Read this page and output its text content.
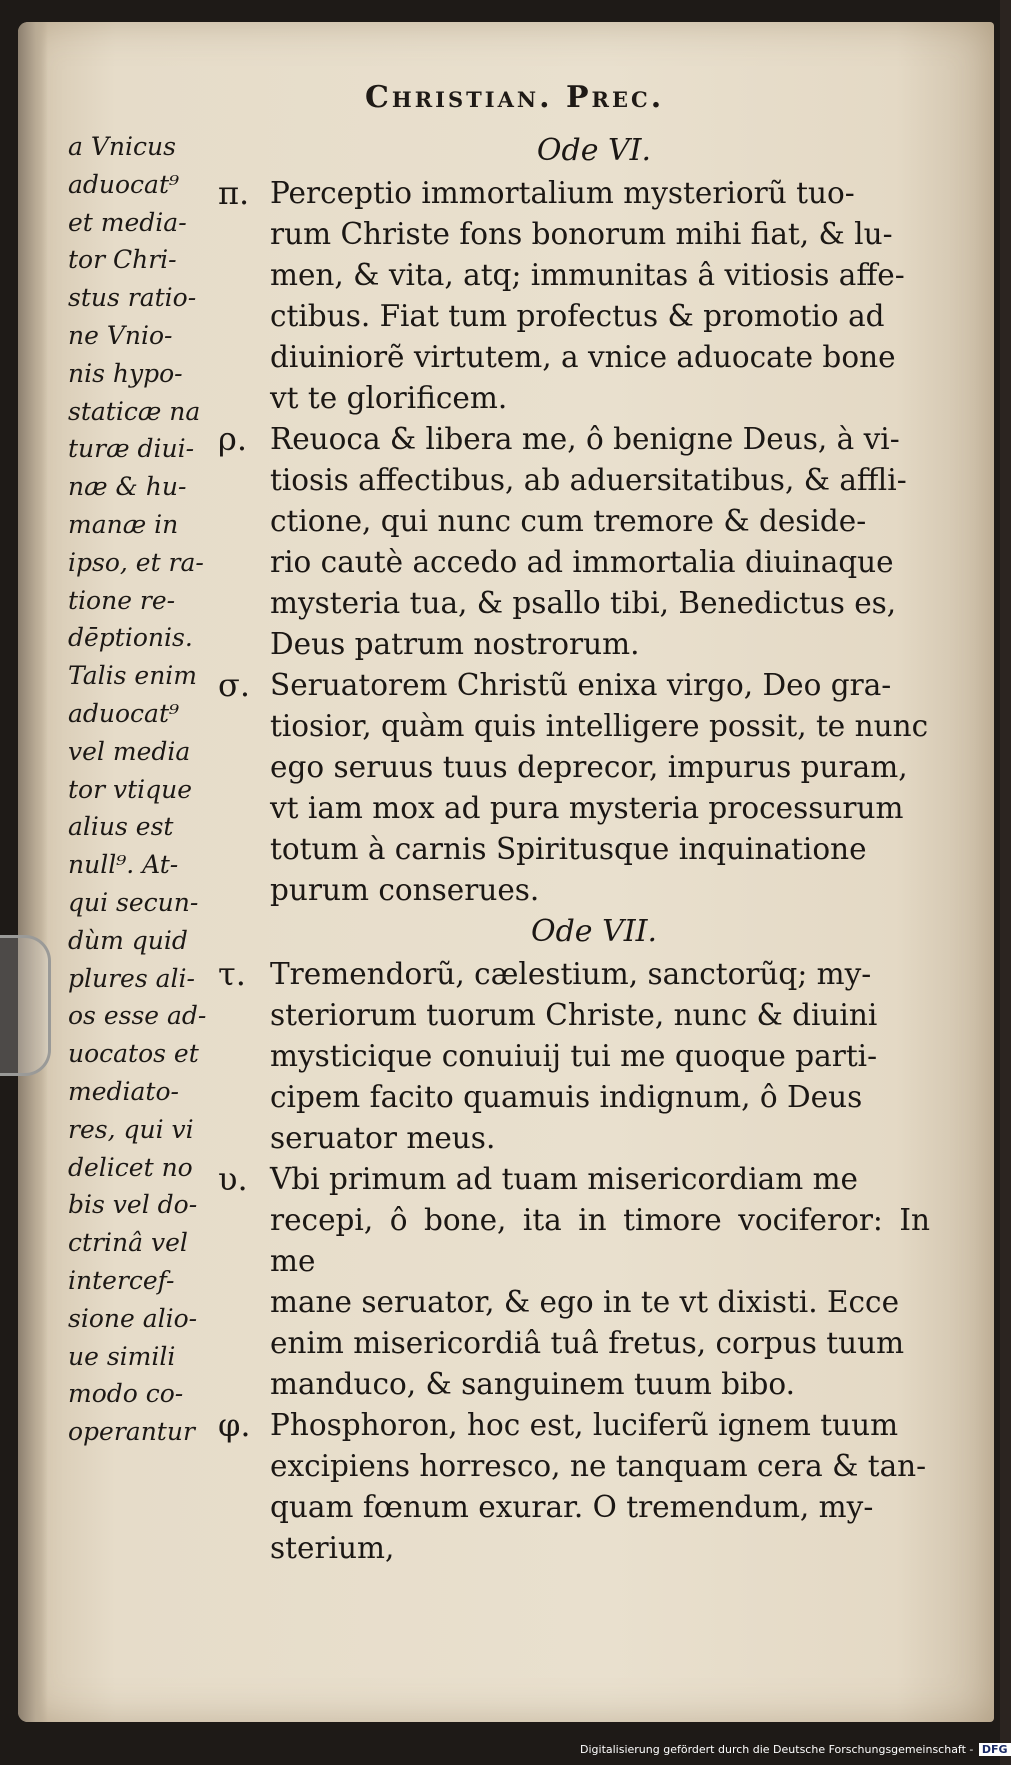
Christian. Prec.
a Vnicus
aduocat⁹
et media-
tor Chri-
stus ratio-
ne Vnio-
nis hypo-
staticæ na
turæ diui-
næ & hu-
manæ in
ipso, et ra-
tione re-
dēptionis.
Talis enim
aduocat⁹
vel media
tor vtique
alius est
null⁹. At-
qui secun-
dùm quid
plures ali-
os esse ad-
uocatos et
mediato-
res, qui vi
delicet no
bis vel do-
ctrinâ vel
intercef-
sione alio-
ue simili
modo co-
operantur
Ode VI.
π. Perceptio immortalium mysteriorũ tuo-
rum Christe fons bonorum mihi fiat, & lu-
men, & vita, atq; immunitas â vitiosis affe-
ctibus. Fiat tum profectus & promotio ad
diuiniorẽ virtutem, a vnice aduocate bone
vt te glorificem.
ρ. Reuoca & libera me, ô benigne Deus, à vi-
tiosis affectibus, ab aduersitatibus, & affli-
ctione, qui nunc cum tremore & deside-
rio cautè accedo ad immortalia diuinaque
mysteria tua, & psallo tibi, Benedictus es,
Deus patrum nostrorum.
σ. Seruatorem Christũ enixa virgo, Deo gra-
tiosior, quàm quis intelligere possit, te nunc
ego seruus tuus deprecor, impurus puram,
vt iam mox ad pura mysteria processurum
totum à carnis Spiritusque inquinatione
purum conserues.
Ode VII.
τ. Tremendorũ, cælestium, sanctorũq; my-
steriorum tuorum Christe, nunc & diuini
mysticique conuiuij tui me quoque parti-
cipem facito quamuis indignum, ô Deus
seruator meus.
υ. Vbi primum ad tuam misericordiam me
recepi, ô bone, ita in timore vociferor: In me
mane seruator, & ego in te vt dixisti. Ecce
enim misericordiâ tuâ fretus, corpus tuum
manduco, & sanguinem tuum bibo.
φ. Phosphoron, hoc est, luciferũ ignem tuum
excipiens horresco, ne tanquam cera & tan-
quam fœnum exurar. O tremendum, my-
sterium,
Digitalisierung gefördert durch die Deutsche Forschungsgemeinschaft - DFG
